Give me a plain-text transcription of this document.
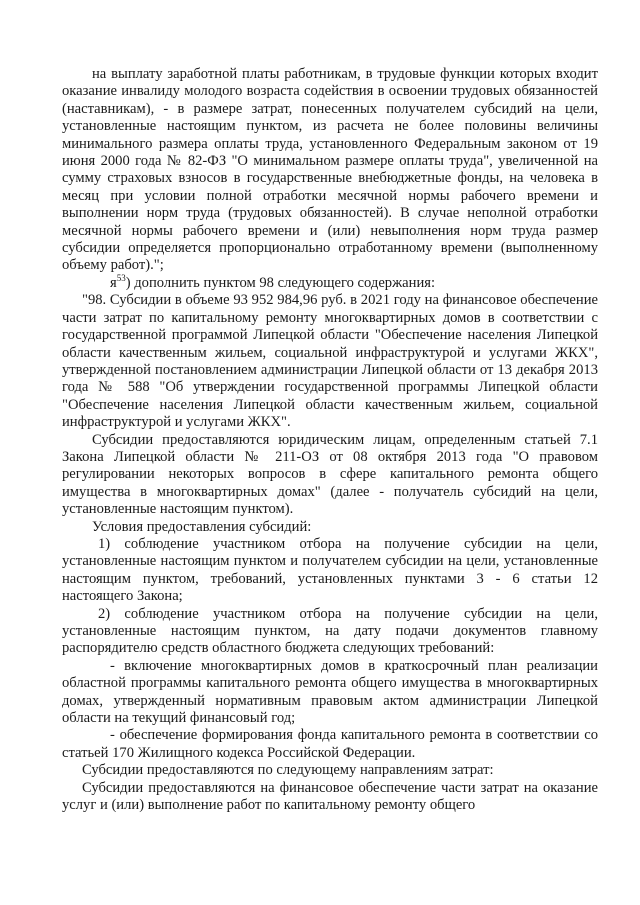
на выплату заработной платы работникам, в трудовые функции которых входит оказание инвалиду молодого возраста содействия в освоении трудовых обязанностей (наставникам), - в размере затрат, понесенных получателем субсидий на цели, установленные настоящим пунктом, из расчета не более половины величины минимального размера оплаты труда, установленного Федеральным законом от 19 июня 2000 года № 82-ФЗ "О минимальном размере оплаты труда", увеличенной на сумму страховых взносов в государственные внебюджетные фонды, на человека в месяц при условии полной отработки месячной нормы рабочего времени и выполнении норм труда (трудовых обязанностей). В случае неполной отработки месячной нормы рабочего времени и (или) невыполнения норм труда размер субсидии определяется пропорционально отработанному времени (выполненному объему работ).";

$я^{53}$) дополнить пунктом 98 следующего содержания:

"98. Субсидии в объеме 93 952 984,96 руб. в 2021 году на финансовое обеспечение части затрат по капитальному ремонту многоквартирных домов в соответствии с государственной программой Липецкой области "Обеспечение населения Липецкой области качественным жильем, социальной инфраструктурой и услугами ЖКХ", утвержденной постановлением администрации Липецкой области от 13 декабря 2013 года № 588 "Об утверждении государственной программы Липецкой области "Обеспечение населения Липецкой области качественным жильем, социальной инфраструктурой и услугами ЖКХ".

Субсидии предоставляются юридическим лицам, определенным статьей 7.1 Закона Липецкой области № 211-ОЗ от 08 октября 2013 года "О правовом регулировании некоторых вопросов в сфере капитального ремонта общего имущества в многоквартирных домах" (далее - получатель субсидий на цели, установленные настоящим пунктом).

Условия предоставления субсидий:

1) соблюдение участником отбора на получение субсидии на цели, установленные настоящим пунктом и получателем субсидии на цели, установленные настоящим пунктом, требований, установленных пунктами 3 - 6 статьи 12 настоящего Закона;

2) соблюдение участником отбора на получение субсидии на цели, установленные настоящим пунктом, на дату подачи документов главному распорядителю средств областного бюджета следующих требований:

- включение многоквартирных домов в краткосрочный план реализации областной программы капитального ремонта общего имущества в многоквартирных домах, утвержденный нормативным правовым актом администрации Липецкой области на текущий финансовый год;

- обеспечение формирования фонда капитального ремонта в соответствии со статьей 170 Жилищного кодекса Российской Федерации.

Субсидии предоставляются по следующему направлениям затрат:

Субсидии предоставляются на финансовое обеспечение части затрат на оказание услуг и (или) выполнение работ по капитальному ремонту общего
